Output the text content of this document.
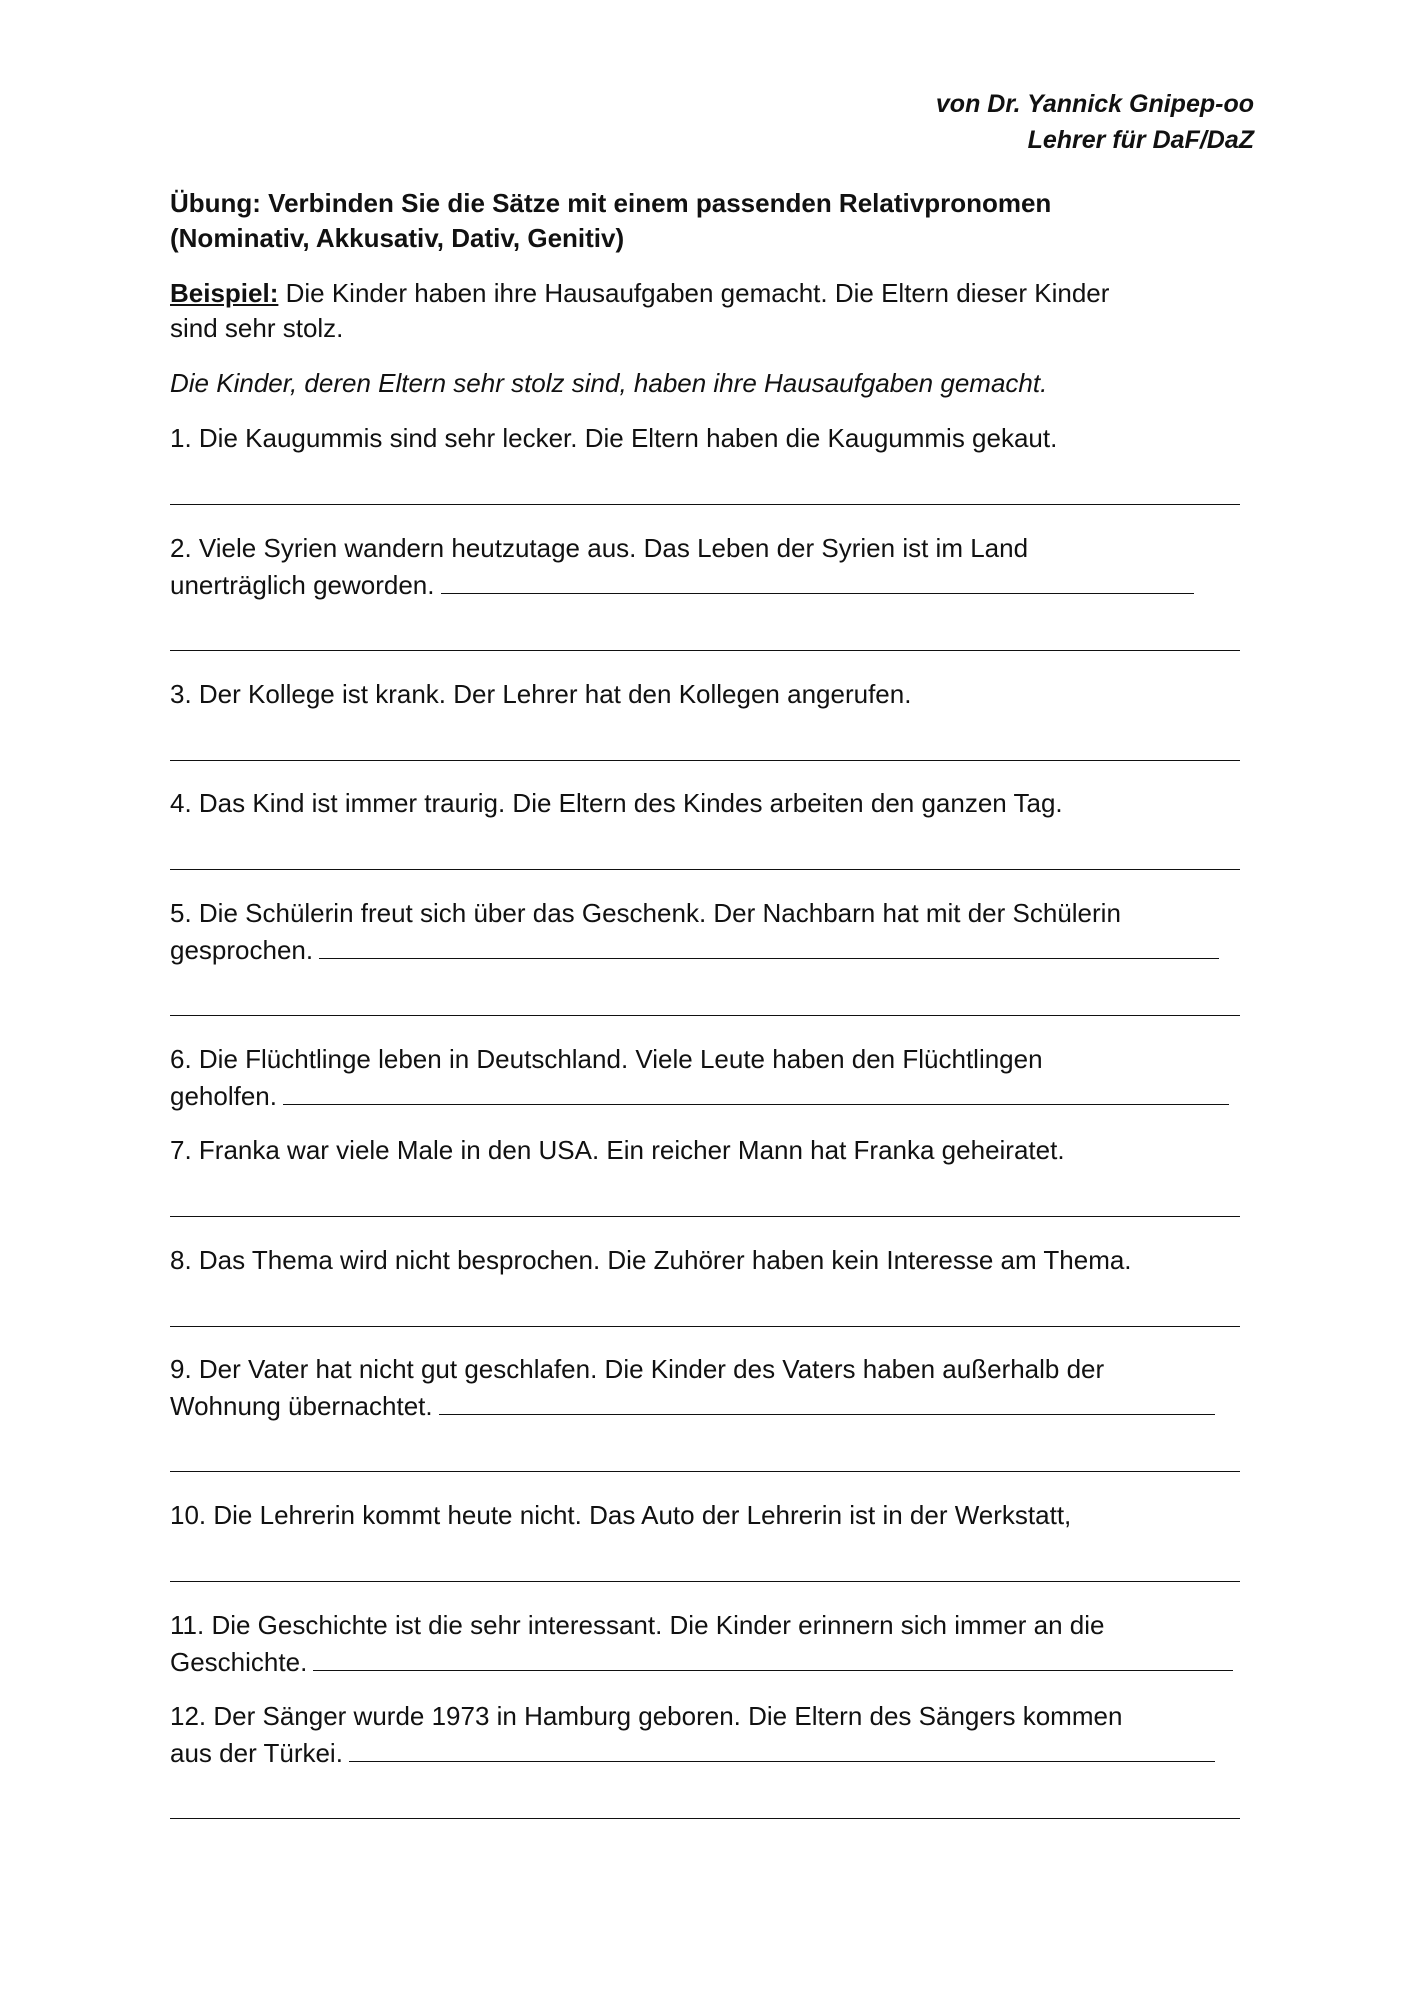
von Dr. Yannick Gnipep-oo
Lehrer für DaF/DaZ
Übung: Verbinden Sie die Sätze mit einem passenden Relativpronomen
(Nominativ, Akkusativ, Dativ, Genitiv)
Beispiel: Die Kinder haben ihre Hausaufgaben gemacht. Die Eltern dieser Kinder
sind sehr stolz.
Die Kinder, deren Eltern sehr stolz sind, haben ihre Hausaufgaben gemacht.
1. Die Kaugummis sind sehr lecker. Die Eltern haben die Kaugummis gekaut.
2. Viele Syrien wandern heutzutage aus. Das Leben der Syrien ist im Land
unerträglich geworden.
3. Der Kollege ist krank. Der Lehrer hat den Kollegen angerufen.
4. Das Kind ist immer traurig. Die Eltern des Kindes arbeiten den ganzen Tag.
5. Die Schülerin freut sich über das Geschenk. Der Nachbarn hat mit der Schülerin
gesprochen.
6. Die Flüchtlinge leben in Deutschland. Viele Leute haben den Flüchtlingen
geholfen.
7. Franka war viele Male in den USA. Ein reicher Mann hat Franka geheiratet.
8. Das Thema wird nicht besprochen. Die Zuhörer haben kein Interesse am Thema.
9. Der Vater hat nicht gut geschlafen. Die Kinder des Vaters haben außerhalb der
Wohnung übernachtet.
10. Die Lehrerin kommt heute nicht. Das Auto der Lehrerin ist in der Werkstatt,
11. Die Geschichte ist die sehr interessant. Die Kinder erinnern sich immer an die
Geschichte.
12. Der Sänger wurde 1973 in Hamburg geboren. Die Eltern des Sängers kommen
aus der Türkei.
